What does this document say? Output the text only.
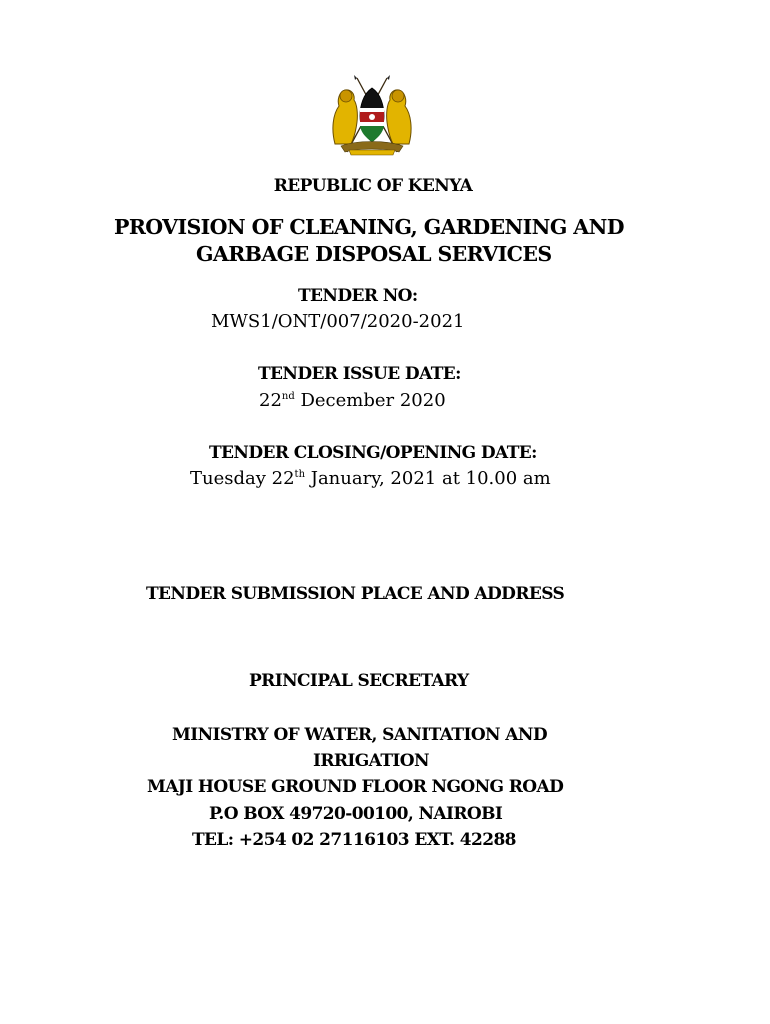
REPUBLIC OF KENYA
PROVISION OF CLEANING, GARDENING AND
GARBAGE DISPOSAL SERVICES
TENDER NO:
MWS1/ONT/007/2020-2021
TENDER ISSUE DATE:
22nd December 2020
TENDER CLOSING/OPENING DATE:
Tuesday 22th January, 2021 at 10.00 am
TENDER SUBMISSION PLACE AND ADDRESS
PRINCIPAL SECRETARY
MINISTRY OF WATER, SANITATION AND
IRRIGATION
MAJI HOUSE GROUND FLOOR NGONG ROAD
P.O BOX 49720-00100, NAIROBI
TEL: +254 02 27116103 EXT. 42288
